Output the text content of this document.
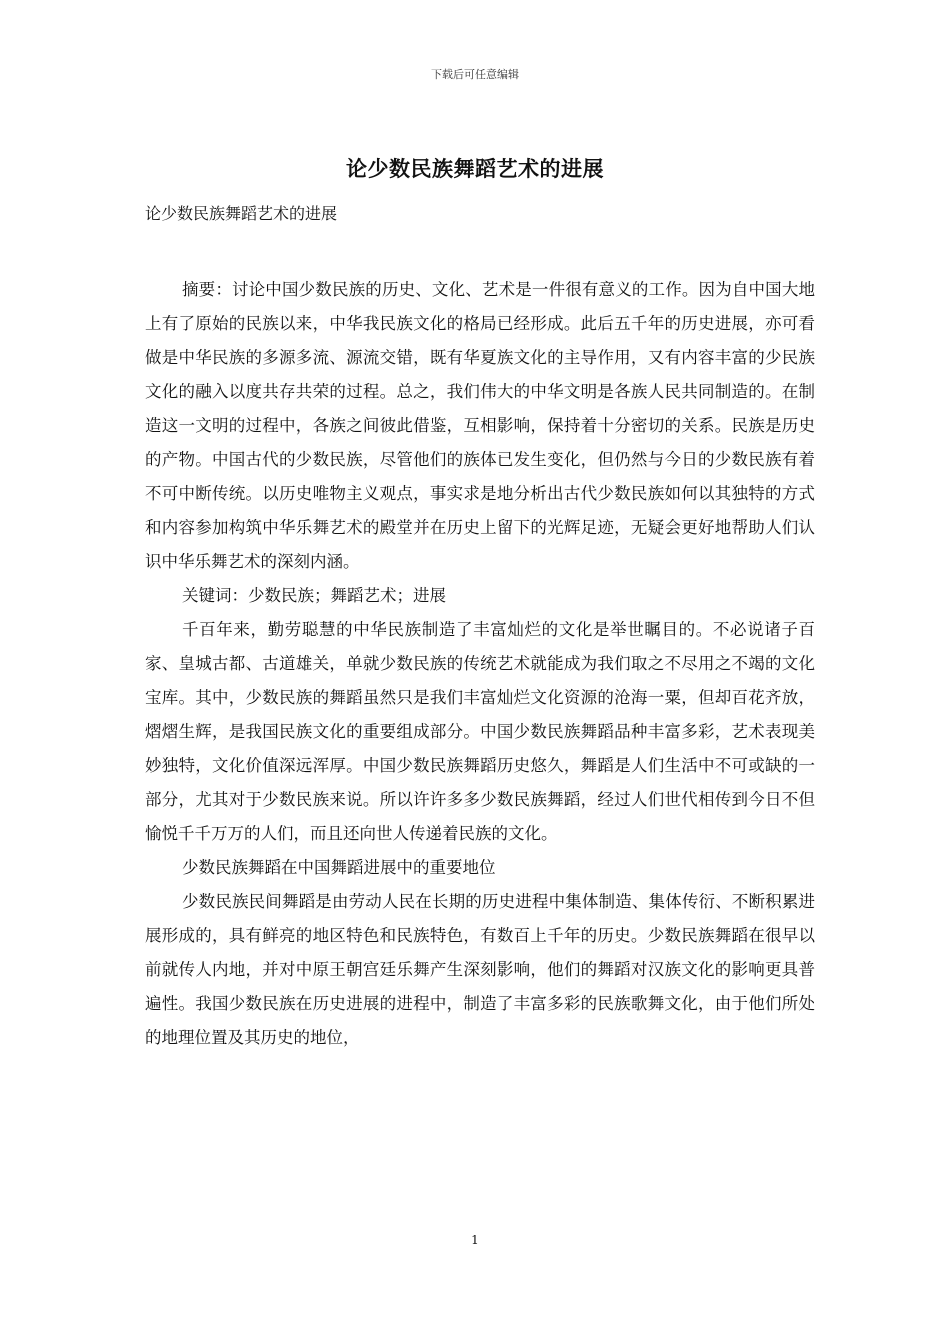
下载后可任意编辑
论少数民族舞蹈艺术的进展
论少数民族舞蹈艺术的进展

摘要：讨论中国少数民族的历史、文化、艺术是一件很有意义的工作。因为自中国大地上有了原始的民族以来，中华我民族文化的格局已经形成。此后五千年的历史进展，亦可看做是中华民族的多源多流、源流交错，既有华夏族文化的主导作用，又有内容丰富的少民族文化的融入以度共存共荣的过程。总之，我们伟大的中华文明是各族人民共同制造的。在制造这一文明的过程中，各族之间彼此借鉴，互相影响，保持着十分密切的关系。民族是历史的产物。中国古代的少数民族，尽管他们的族体已发生变化，但仍然与今日的少数民族有着不可中断传统。以历史唯物主义观点，事实求是地分析出古代少数民族如何以其独特的方式和内容参加构筑中华乐舞艺术的殿堂并在历史上留下的光辉足迹，无疑会更好地帮助人们认识中华乐舞艺术的深刻内涵。

关键词：少数民族；舞蹈艺术；进展

千百年来，勤劳聪慧的中华民族制造了丰富灿烂的文化是举世瞩目的。不必说诸子百家、皇城古都、古道雄关，单就少数民族的传统艺术就能成为我们取之不尽用之不竭的文化宝库。其中，少数民族的舞蹈虽然只是我们丰富灿烂文化资源的沧海一粟，但却百花齐放，熠熠生辉，是我国民族文化的重要组成部分。中国少数民族舞蹈品种丰富多彩，艺术表现美妙独特，文化价值深远浑厚。中国少数民族舞蹈历史悠久，舞蹈是人们生活中不可或缺的一部分，尤其对于少数民族来说。所以许许多多少数民族舞蹈，经过人们世代相传到今日不但愉悦千千万万的人们，而且还向世人传递着民族的文化。

少数民族舞蹈在中国舞蹈进展中的重要地位

少数民族民间舞蹈是由劳动人民在长期的历史进程中集体制造、集体传衍、不断积累进展形成的，具有鲜亮的地区特色和民族特色，有数百上千年的历史。少数民族舞蹈在很早以前就传人内地，并对中原王朝宫廷乐舞产生深刻影响，他们的舞蹈对汉族文化的影响更具普遍性。我国少数民族在历史进展的进程中，制造了丰富多彩的民族歌舞文化，由于他们所处的地理位置及其历史的地位，

1
